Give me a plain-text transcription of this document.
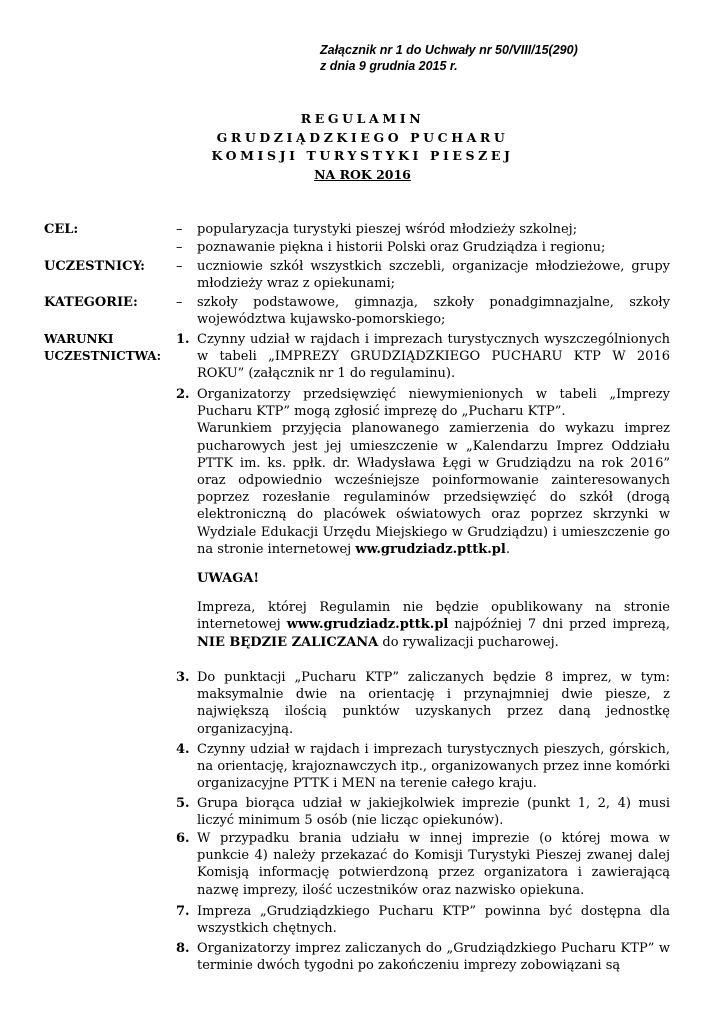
Załącznik nr 1 do Uchwały nr 50/VIII/15(290)
z dnia 9 grudnia 2015 r.
REGULAMIN
GRUDZIĄDZKIEGO PUCHARU
KOMISJI TURYSTYKI PIESZEJ
NA ROK 2016
CEL:	– popularyzacja turystyki pieszej wśród młodzieży szkolnej;
– poznawanie piękna i historii Polski oraz Grudziądza i regionu;
UCZESTNICY: – uczniowie szkół wszystkich szczebli, organizacje młodzieżowe, grupy młodzieży wraz z opiekunami;
KATEGORIE:	– szkoły podstawowe, gimnazja, szkoły ponadgimnazjalne, szkoły województwa kujawsko-pomorskiego;
WARUNKI
UCZESTNICTWA:
1. Czynny udział w rajdach i imprezach turystycznych wyszczególnionych w tabeli „IMPREZY GRUDZIĄDZKIEGO PUCHARU KTP W 2016 ROKU” (załącznik nr 1 do regulaminu).
2. Organizatorzy przedsięwzięć niewymienionych w tabeli „Imprezy Pucharu KTP” mogą zgłosić imprezę do „Pucharu KTP”.

Warunkiem przyjęcia planowanego zamierzenia do wykazu imprez pucharowych jest jej umieszczenie w „Kalendarzu Imprez Oddziału PTTK im. ks. ppłk. dr. Władysława Łęgi w Grudziądzu na rok 2016” oraz odpowiednio wcześniejsze poinformowanie zainteresowanych poprzez rozesłanie regulaminów przedsięwzięć do szkół (drogą elektroniczną do placówek oświatowych oraz poprzez skrzynki w Wydziale Edukacji Urzędu Miejskiego w Grudziądzu) i umieszczenie go na stronie internetowej ww.grudziadz.pttk.pl.

UWAGA!

Impreza, której Regulamin nie będzie opublikowany na stronie internetowej www.grudziadz.pttk.pl najpóźniej 7 dni przed imprezą, NIE BĘDZIE ZALICZANA do rywalizacji pucharowej.

3. Do punktacji „Pucharu KTP” zaliczanych będzie 8 imprez, w tym: maksymalnie dwie na orientację i przynajmniej dwie piesze, z największą ilością punktów uzyskanych przez daną jednostkę organizacyjną.
4. Czynny udział w rajdach i imprezach turystycznych pieszych, górskich, na orientację, krajoznawczych itp., organizowanych przez inne komórki organizacyjne PTTK i MEN na terenie całego kraju.
5. Grupa biorąca udział w jakiejkolwiek imprezie (punkt 1, 2, 4) musi liczyć minimum 5 osób (nie licząc opiekunów).
6. W przypadku brania udziału w innej imprezie (o której mowa w punkcie 4) należy przekazać do Komisji Turystyki Pieszej zwanej dalej Komisją informację potwierdzoną przez organizatora i zawierającą nazwę imprezy, ilość uczestników oraz nazwisko opiekuna.
7. Impreza „Grudziądzkiego Pucharu KTP” powinna być dostępna dla wszystkich chętnych.
8. Organizatorzy imprez zaliczanych do „Grudziądzkiego Pucharu KTP” w terminie dwóch tygodni po zakończeniu imprezy zobowiązani są
